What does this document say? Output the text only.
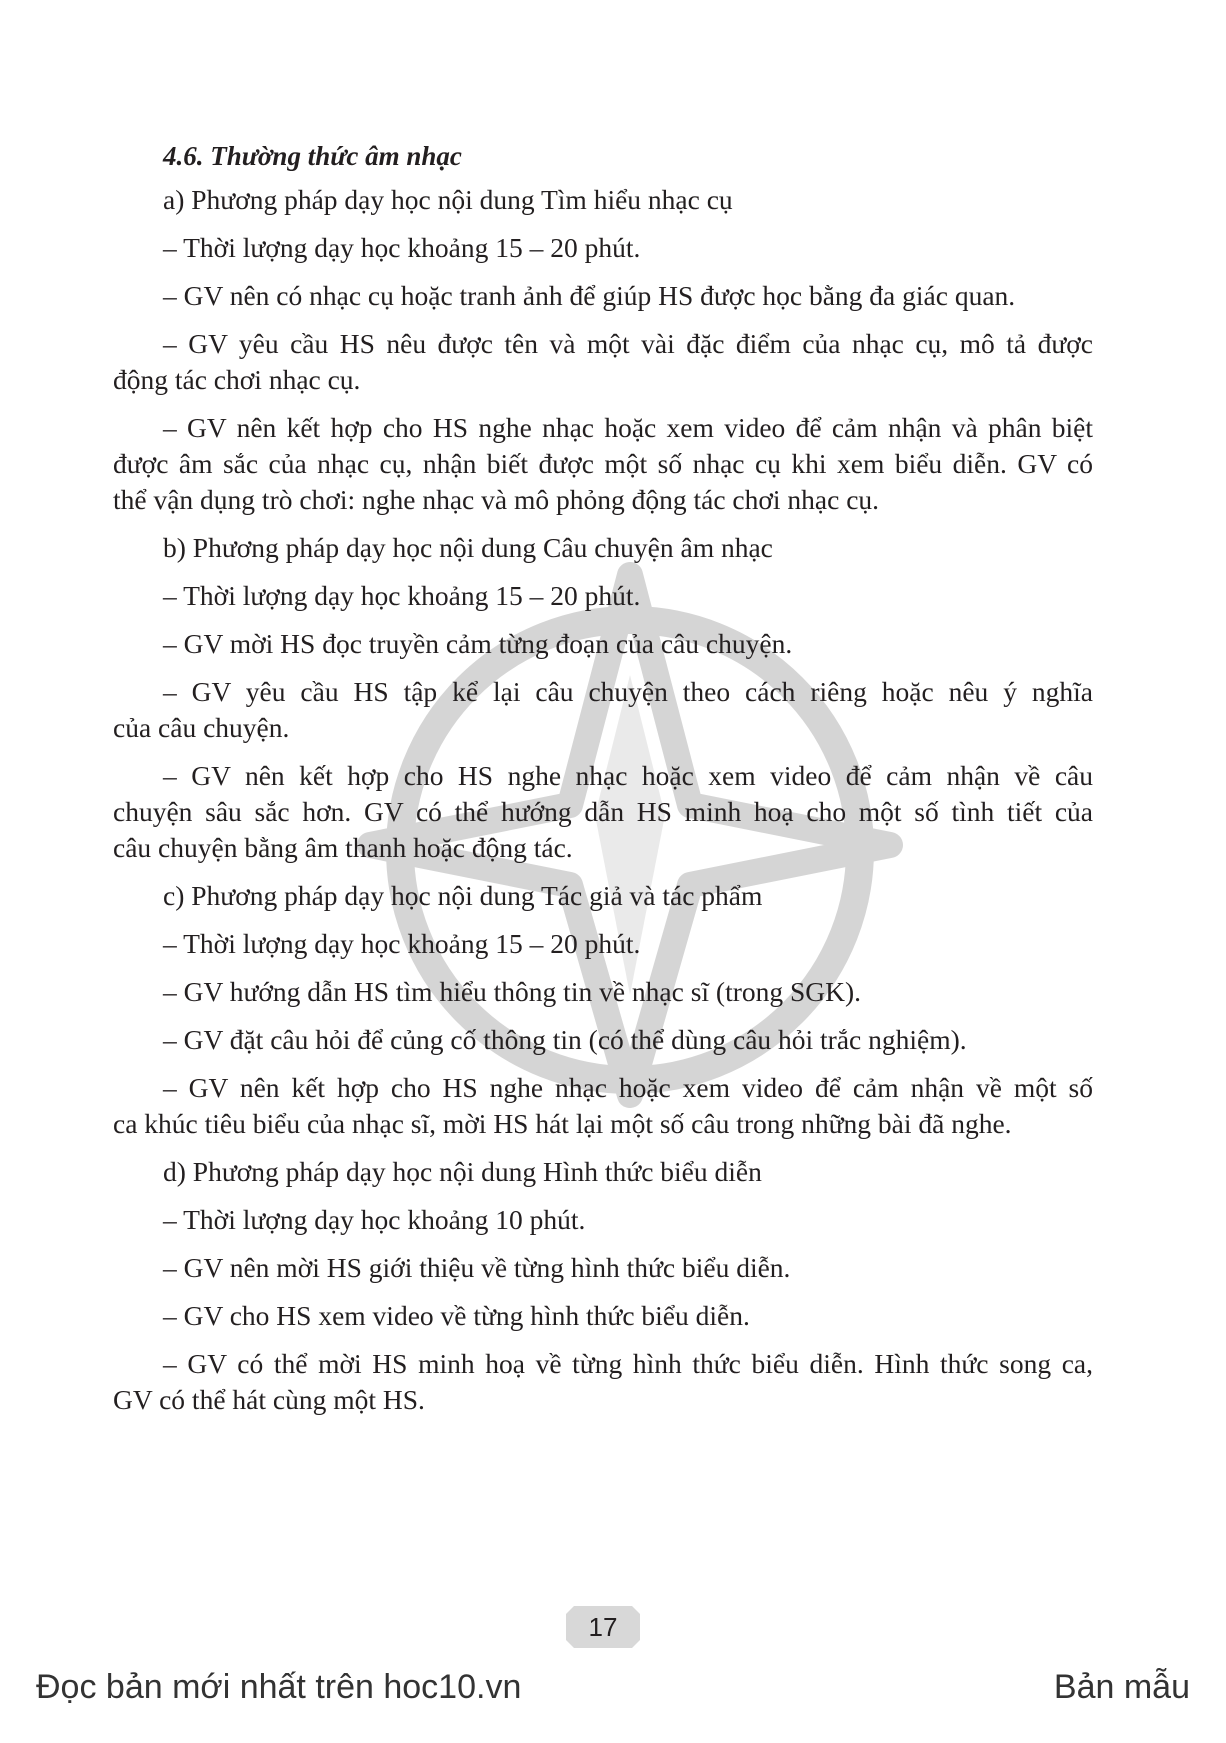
4.6. Thường thức âm nhạc

a) Phương pháp dạy học nội dung Tìm hiểu nhạc cụ

– Thời lượng dạy học khoảng 15 – 20 phút.

– GV nên có nhạc cụ hoặc tranh ảnh để giúp HS được học bằng đa giác quan.

– GV yêu cầu HS nêu được tên và một vài đặc điểm của nhạc cụ, mô tả được

động tác chơi nhạc cụ.

– GV nên kết hợp cho HS nghe nhạc hoặc xem video để cảm nhận và phân biệt

được âm sắc của nhạc cụ, nhận biết được một số nhạc cụ khi xem biểu diễn. GV có

thể vận dụng trò chơi: nghe nhạc và mô phỏng động tác chơi nhạc cụ.

b) Phương pháp dạy học nội dung Câu chuyện âm nhạc

– Thời lượng dạy học khoảng 15 – 20 phút.

– GV mời HS đọc truyền cảm từng đoạn của câu chuyện.

– GV yêu cầu HS tập kể lại câu chuyện theo cách riêng hoặc nêu ý nghĩa

của câu chuyện.

– GV nên kết hợp cho HS nghe nhạc hoặc xem video để cảm nhận về câu

chuyện sâu sắc hơn. GV có thể hướng dẫn HS minh hoạ cho một số tình tiết của

câu chuyện bằng âm thanh hoặc động tác.

c) Phương pháp dạy học nội dung Tác giả và tác phẩm

– Thời lượng dạy học khoảng 15 – 20 phút.

– GV hướng dẫn HS tìm hiểu thông tin về nhạc sĩ (trong SGK).

– GV đặt câu hỏi để củng cố thông tin (có thể dùng câu hỏi trắc nghiệm).

– GV nên kết hợp cho HS nghe nhạc hoặc xem video để cảm nhận về một số

ca khúc tiêu biểu của nhạc sĩ, mời HS hát lại một số câu trong những bài đã nghe.

d) Phương pháp dạy học nội dung Hình thức biểu diễn

– Thời lượng dạy học khoảng 10 phút.

– GV nên mời HS giới thiệu về từng hình thức biểu diễn.

– GV cho HS xem video về từng hình thức biểu diễn.

– GV có thể mời HS minh hoạ về từng hình thức biểu diễn. Hình thức song ca,

GV có thể hát cùng một HS.

17
Đọc bản mới nhất trên hoc10.vn	Bản mẫu
